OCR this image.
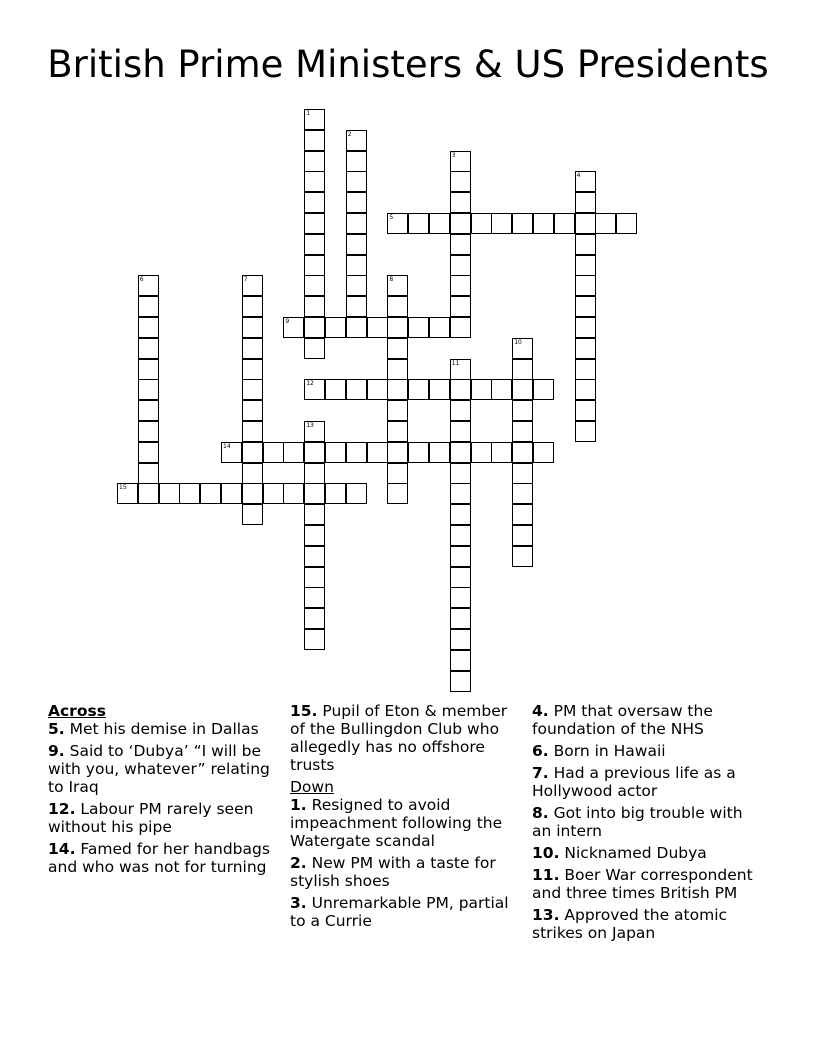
British Prime Ministers & US Presidents
1
2
3
4
5
6	7	8
9
10
11
12
13
14
15
Across
5. Met his demise in Dallas
9. Said to ‘Dubya’ “I will be with you, whatever” relating to Iraq
12. Labour PM rarely seen without his pipe
14. Famed for her handbags and who was not for turning
15. Pupil of Eton & member of the Bullingdon Club who allegedly has no offshore trusts
Down
1. Resigned to avoid impeachment following the Watergate scandal
2. New PM with a taste for stylish shoes
3. Unremarkable PM, partial to a Currie
4. PM that oversaw the foundation of the NHS
6. Born in Hawaii
7. Had a previous life as a Hollywood actor
8. Got into big trouble with an intern
10. Nicknamed Dubya
11. Boer War correspondent and three times British PM
13. Approved the atomic strikes on Japan
